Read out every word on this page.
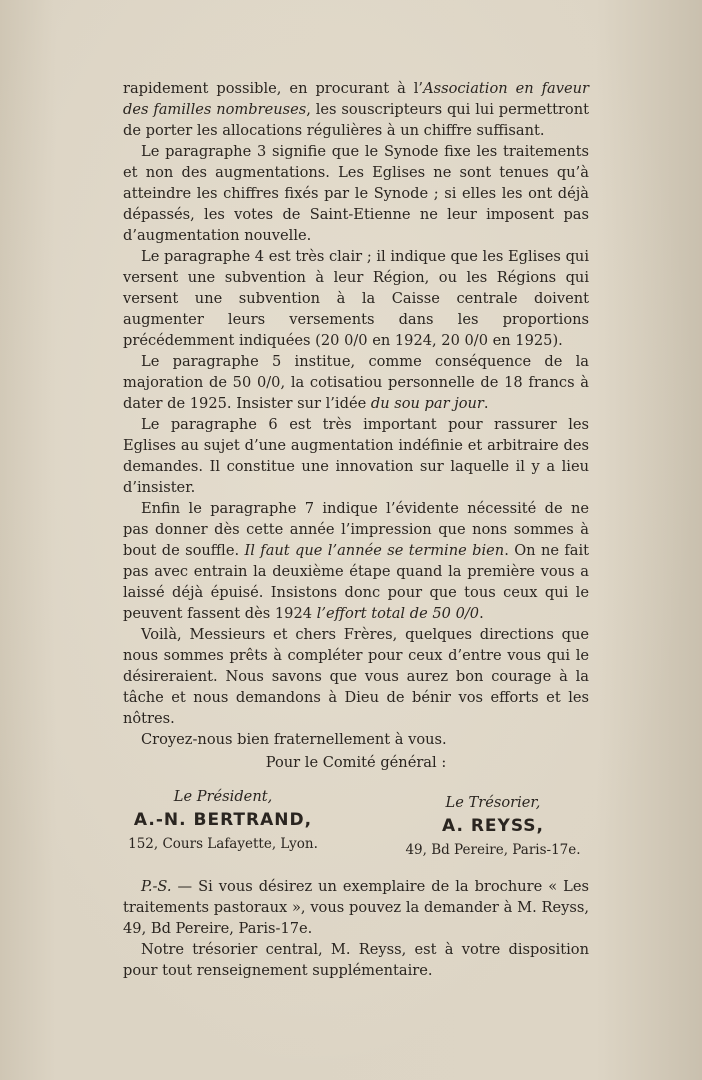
rapidement possible, en procurant à l’Association en faveur des familles nombreuses, les souscripteurs qui lui permettront de porter les allocations régulières à un chiffre suffisant.

Le paragraphe 3 signifie que le Synode fixe les traitements et non des augmentations. Les Eglises ne sont tenues qu’à atteindre les chiffres fixés par le Synode ; si elles les ont déjà dépassés, les votes de Saint-Etienne ne leur imposent pas d’augmentation nouvelle.

Le paragraphe 4 est très clair ; il indique que les Eglises qui versent une subvention à leur Région, ou les Régions qui versent une subvention à la Caisse centrale doivent augmenter leurs versements dans les proportions précédemment indiquées (20 0/0 en 1924, 20 0/0 en 1925).

Le paragraphe 5 institue, comme conséquence de la majoration de 50 0/0, la cotisatiou personnelle de 18 francs à dater de 1925. Insister sur l’idée du sou par jour.

Le paragraphe 6 est très important pour rassurer les Eglises au sujet d’une augmentation indéfinie et arbitraire des demandes. Il constitue une innovation sur laquelle il y a lieu d’insister.

Enfin le paragraphe 7 indique l’évidente nécessité de ne pas donner dès cette année l’impression que nons sommes à bout de souffle. Il faut que l’année se termine bien. On ne fait pas avec entrain la deuxième étape quand la première vous a laissé déjà épuisé. Insistons donc pour que tous ceux qui le peuvent fassent dès 1924 l’effort total de 50 0/0.

Voilà, Messieurs et chers Frères, quelques directions que nous sommes prêts à compléter pour ceux d’entre vous qui le désireraient. Nous savons que vous aurez bon courage à la tâche et nous demandons à Dieu de bénir vos efforts et les nôtres.

Croyez-nous bien fraternellement à vous.

Pour le Comité général :

Le Président,
A.-N. BERTRAND,
152, Cours Lafayette, Lyon.
Le Trésorier,
A. REYSS,
49, Bd Pereire, Paris-17e.

P.-S. — Si vous désirez un exemplaire de la brochure « Les traitements pastoraux », vous pouvez la demander à M. Reyss, 49, Bd Pereire, Paris-17e.

Notre trésorier central, M. Reyss, est à votre disposition pour tout renseignement supplémentaire.
